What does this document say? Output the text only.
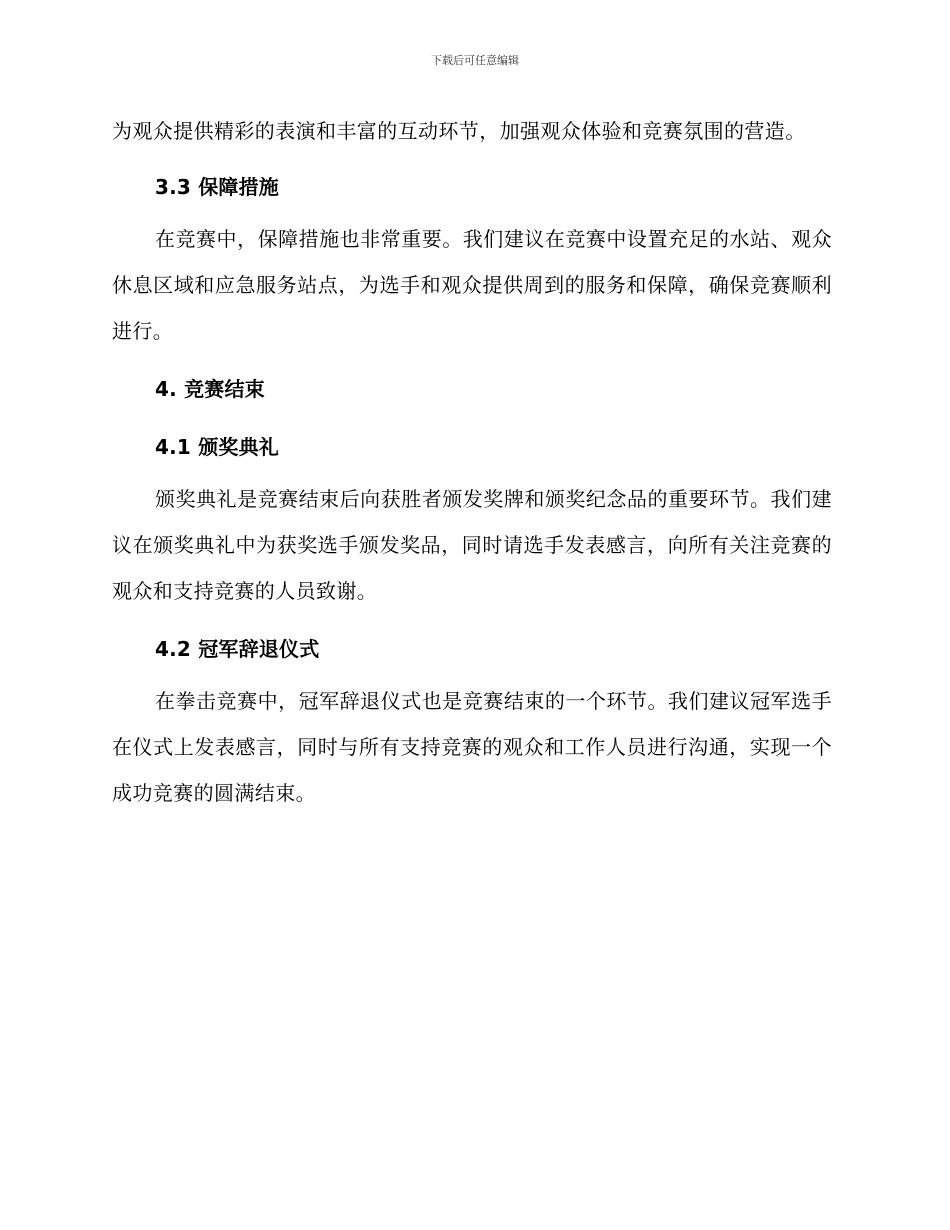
下载后可任意编辑

为观众提供精彩的表演和丰富的互动环节，加强观众体验和竞赛氛围的营造。

3.3 保障措施

在竞赛中，保障措施也非常重要。我们建议在竞赛中设置充足的水站、观众休息区域和应急服务站点，为选手和观众提供周到的服务和保障，确保竞赛顺利进行。

4. 竞赛结束
4.1 颁奖典礼

颁奖典礼是竞赛结束后向获胜者颁发奖牌和颁奖纪念品的重要环节。我们建议在颁奖典礼中为获奖选手颁发奖品，同时请选手发表感言，向所有关注竞赛的观众和支持竞赛的人员致谢。

4.2 冠军辞退仪式

在拳击竞赛中，冠军辞退仪式也是竞赛结束的一个环节。我们建议冠军选手在仪式上发表感言，同时与所有支持竞赛的观众和工作人员进行沟通，实现一个成功竞赛的圆满结束。
